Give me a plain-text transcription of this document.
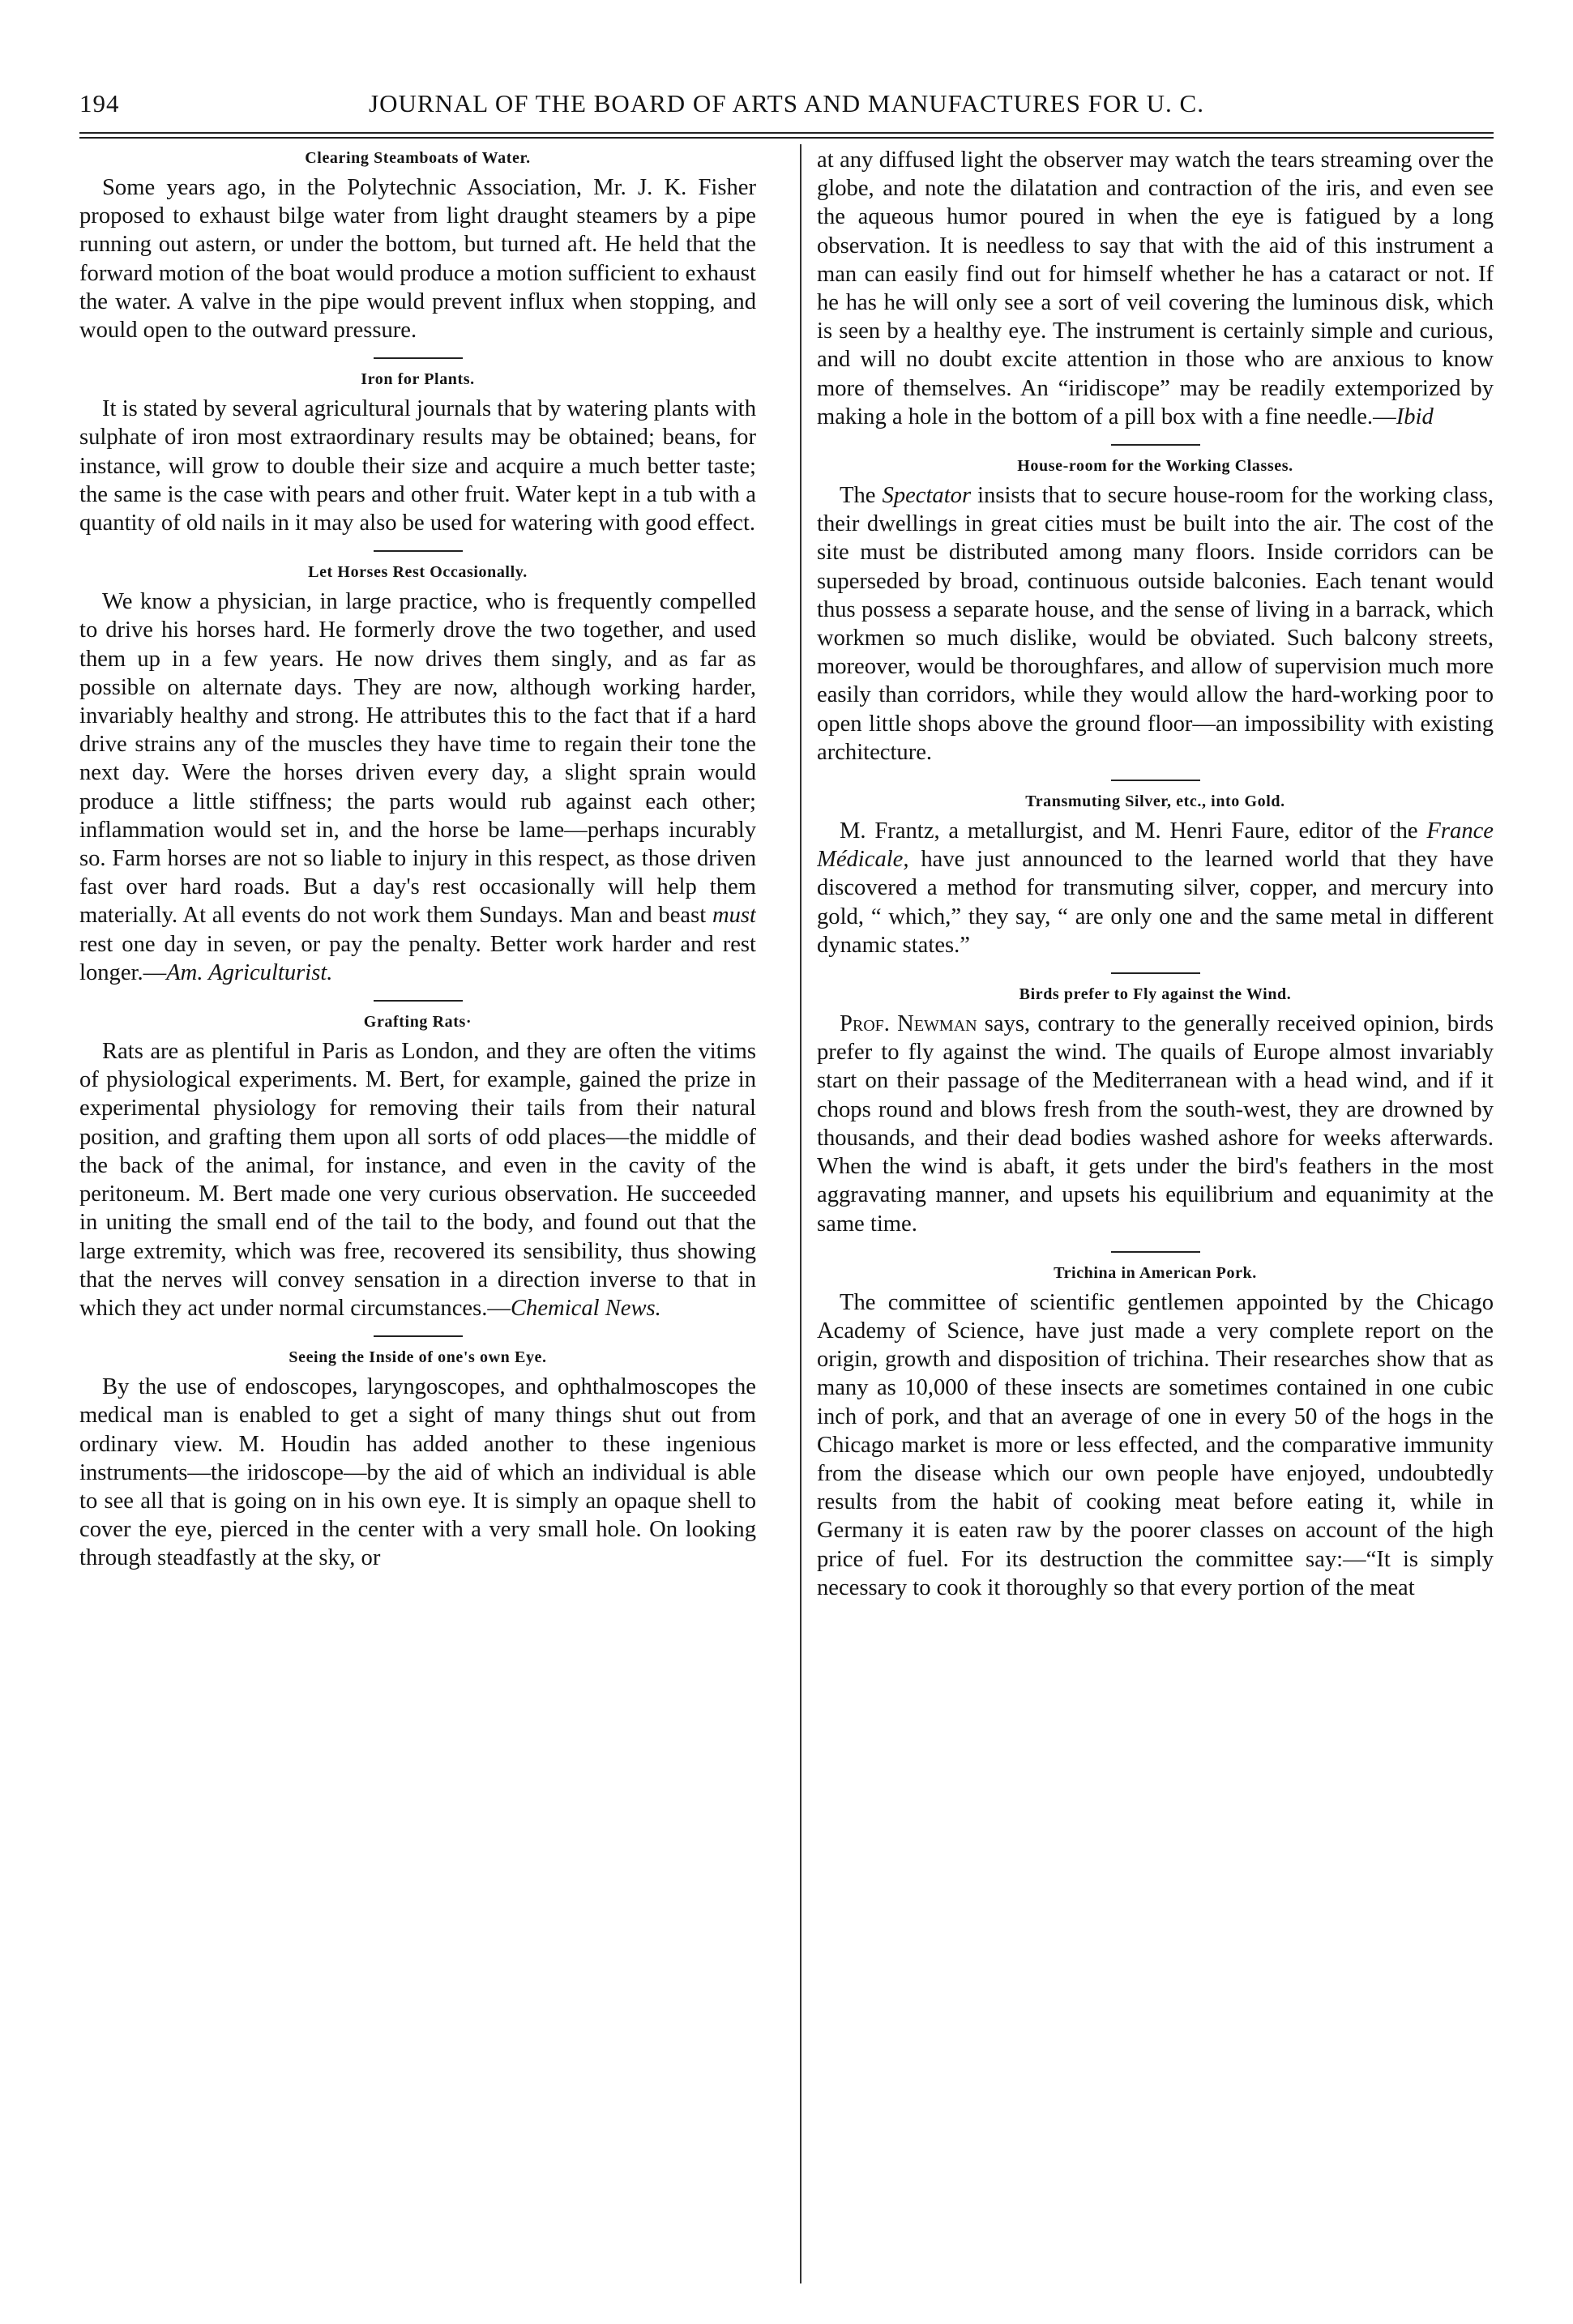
194	JOURNAL OF THE BOARD OF ARTS AND MANUFACTURES FOR U. C.
Clearing Steamboats of Water.

Some years ago, in the Polytechnic Association, Mr. J. K. Fisher proposed to exhaust bilge water from light draught steamers by a pipe running out astern, or under the bottom, but turned aft. He held that the forward motion of the boat would produce a motion sufficient to exhaust the water. A valve in the pipe would prevent influx when stopping, and would open to the outward pressure.

Iron for Plants.

It is stated by several agricultural journals that by watering plants with sulphate of iron most extraordinary results may be obtained; beans, for instance, will grow to double their size and acquire a much better taste; the same is the case with pears and other fruit. Water kept in a tub with a quantity of old nails in it may also be used for watering with good effect.

Let Horses Rest Occasionally.

We know a physician, in large practice, who is frequently compelled to drive his horses hard. He formerly drove the two together, and used them up in a few years. He now drives them singly, and as far as possible on alternate days. They are now, although working harder, invariably healthy and strong. He attributes this to the fact that if a hard drive strains any of the muscles they have time to regain their tone the next day. Were the horses driven every day, a slight sprain would produce a little stiffness; the parts would rub against each other; inflammation would set in, and the horse be lame—perhaps incurably so. Farm horses are not so liable to injury in this respect, as those driven fast over hard roads. But a day's rest occasionally will help them materially. At all events do not work them Sundays. Man and beast must rest one day in seven, or pay the penalty. Better work harder and rest longer.—Am. Agriculturist.

Grafting Rats·

Rats are as plentiful in Paris as London, and they are often the vitims of physiological experiments. M. Bert, for example, gained the prize in experimental physiology for removing their tails from their natural position, and grafting them upon all sorts of odd places—the middle of the back of the animal, for instance, and even in the cavity of the peritoneum. M. Bert made one very curious observation. He succeeded in uniting the small end of the tail to the body, and found out that the large extremity, which was free, recovered its sensibility, thus showing that the nerves will convey sensation in a direction inverse to that in which they act under normal circumstances.—Chemical News.

Seeing the Inside of one's own Eye.

By the use of endoscopes, laryngoscopes, and ophthalmoscopes the medical man is enabled to get a sight of many things shut out from ordinary view. M. Houdin has added another to these ingenious instruments—the iridoscope—by the aid of which an individual is able to see all that is going on in his own eye. It is simply an opaque shell to cover the eye, pierced in the center with a very small hole. On looking through steadfastly at the sky, or

at any diffused light the observer may watch the tears streaming over the globe, and note the dilatation and contraction of the iris, and even see the aqueous humor poured in when the eye is fatigued by a long observation. It is needless to say that with the aid of this instrument a man can easily find out for himself whether he has a cataract or not. If he has he will only see a sort of veil covering the luminous disk, which is seen by a healthy eye. The instrument is certainly simple and curious, and will no doubt excite attention in those who are anxious to know more of themselves. An “iridiscope” may be readily extemporized by making a hole in the bottom of a pill box with a fine needle.—Ibid

House-room for the Working Classes.

The Spectator insists that to secure house-room for the working class, their dwellings in great cities must be built into the air. The cost of the site must be distributed among many floors. Inside corridors can be superseded by broad, continuous outside balconies. Each tenant would thus possess a separate house, and the sense of living in a barrack, which workmen so much dislike, would be obviated. Such balcony streets, moreover, would be thoroughfares, and allow of supervision much more easily than corridors, while they would allow the hard-working poor to open little shops above the ground floor—an impossibility with existing architecture.

Transmuting Silver, etc., into Gold.

M. Frantz, a metallurgist, and M. Henri Faure, editor of the France Médicale, have just announced to the learned world that they have discovered a method for transmuting silver, copper, and mercury into gold, “ which,” they say, “ are only one and the same metal in different dynamic states.”

Birds prefer to Fly against the Wind.

Prof. Newman says, contrary to the generally received opinion, birds prefer to fly against the wind. The quails of Europe almost invariably start on their passage of the Mediterranean with a head wind, and if it chops round and blows fresh from the south-west, they are drowned by thousands, and their dead bodies washed ashore for weeks afterwards. When the wind is abaft, it gets under the bird's feathers in the most aggravating manner, and upsets his equilibrium and equanimity at the same time.

Trichina in American Pork.

The committee of scientific gentlemen appointed by the Chicago Academy of Science, have just made a very complete report on the origin, growth and disposition of trichina. Their researches show that as many as 10,000 of these insects are sometimes contained in one cubic inch of pork, and that an average of one in every 50 of the hogs in the Chicago market is more or less effected, and the comparative immunity from the disease which our own people have enjoyed, undoubtedly results from the habit of cooking meat before eating it, while in Germany it is eaten raw by the poorer classes on account of the high price of fuel. For its destruction the committee say:—“It is simply necessary to cook it thoroughly so that every portion of the meat
